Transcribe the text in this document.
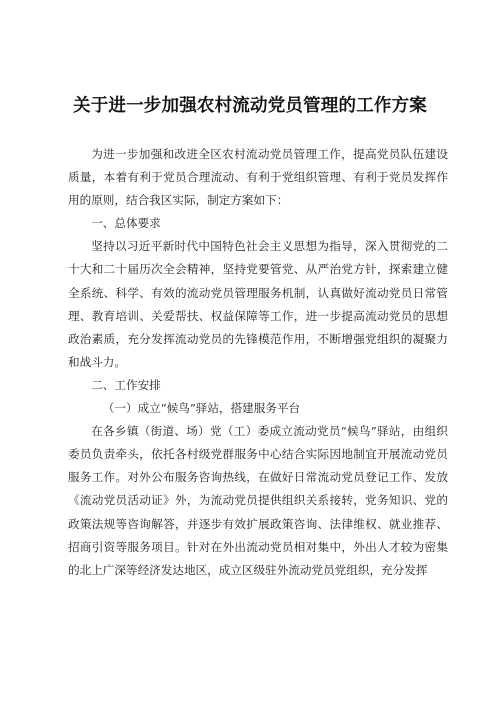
关于进一步加强农村流动党员管理的工作方案

为进一步加强和改进全区农村流动党员管理工作，提高党员队伍建设质量，本着有利于党员合理流动、有利于党组织管理、有利于党员发挥作用的原则，结合我区实际，制定方案如下：

一、总体要求

坚持以习近平新时代中国特色社会主义思想为指导，深入贯彻党的二十大和二十届历次全会精神，坚持党要管党、从严治党方针，探索建立健全系统、科学、有效的流动党员管理服务机制，认真做好流动党员日常管理、教育培训、关爱帮扶、权益保障等工作，进一步提高流动党员的思想政治素质，充分发挥流动党员的先锋模范作用，不断增强党组织的凝聚力和战斗力。

二、工作安排

（一）成立“候鸟”驿站，搭建服务平台

在各乡镇（街道、场）党（工）委成立流动党员“候鸟”驿站，由组织委员负责牵头，依托各村级党群服务中心结合实际因地制宜开展流动党员服务工作。对外公布服务咨询热线，在做好日常流动党员登记工作、发放《流动党员活动证》外，为流动党员提供组织关系接转，党务知识、党的政策法规等咨询解答，并逐步有效扩展政策咨询、法律维权、就业推荐、招商引资等服务项目。针对在外出流动党员相对集中，外出人才较为密集的北上广深等经济发达地区，成立区级驻外流动党员党组织，充分发挥
